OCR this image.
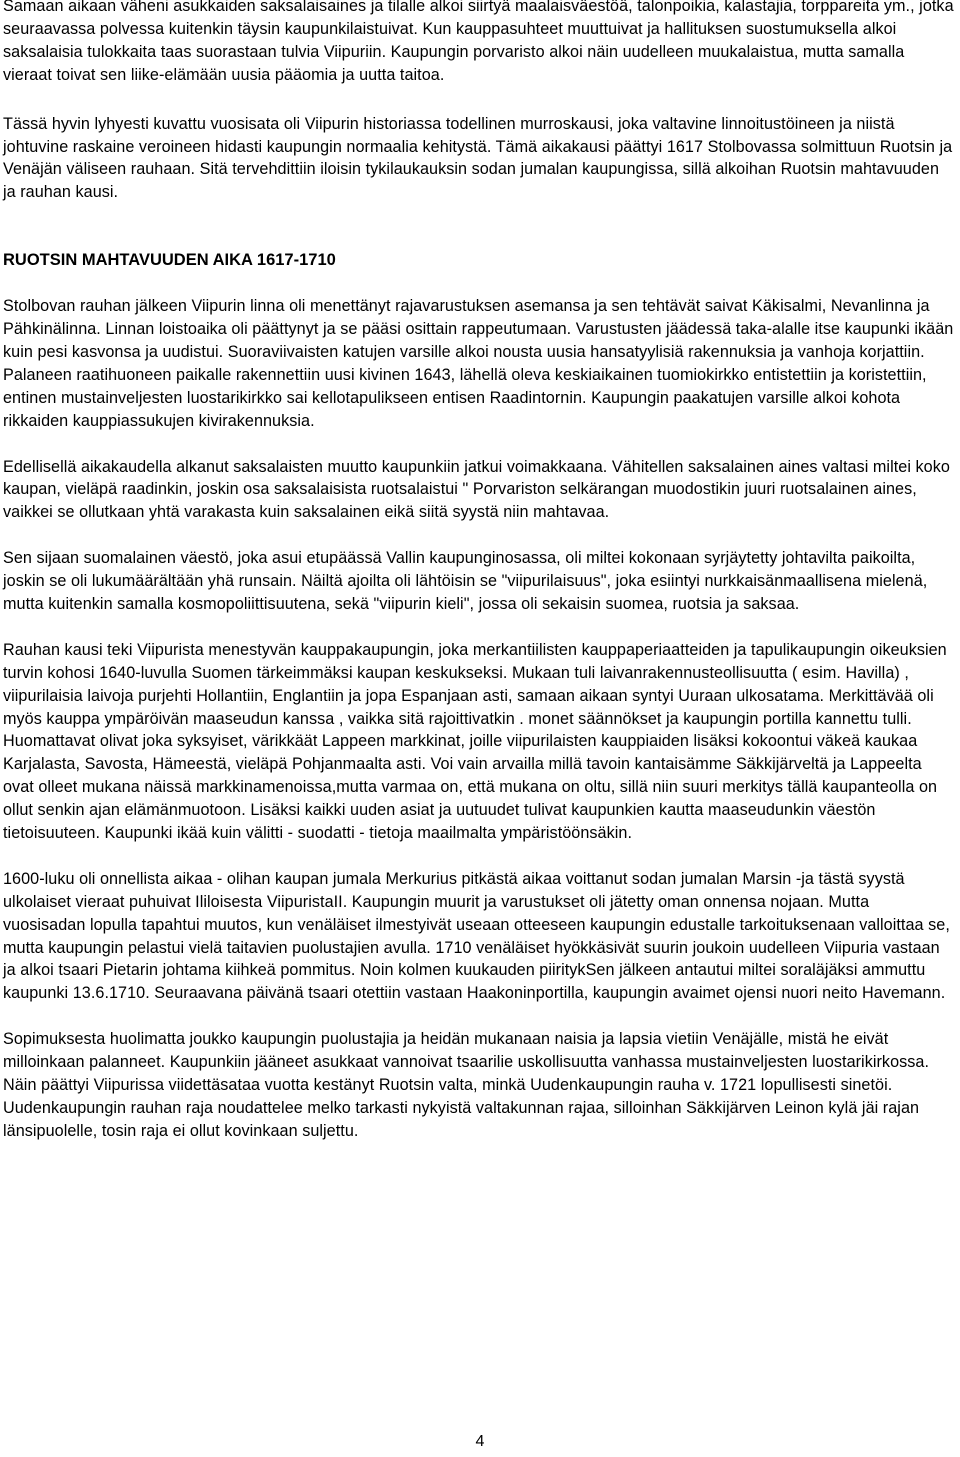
Samaan aikaan väheni asukkaiden saksalaisaines ja tilalle alkoi siirtyä maalaisväestöä, talonpoikia, kalastajia, torppareita ym., jotka seuraavassa polvessa kuitenkin täysin kaupunkilaistuivat. Kun kauppasuhteet muuttuivat ja hallituksen suostumuksella alkoi saksalaisia tulokkaita taas suorastaan tulvia Viipuriin. Kaupungin porvaristo alkoi näin uudelleen muukalaistua, mutta samalla vieraat toivat sen liike-elämään uusia pääomia ja uutta taitoa.

Tässä hyvin lyhyesti kuvattu vuosisata oli Viipurin historiassa todellinen murroskausi, joka valtavine linnoitustöineen ja niistä johtuvine raskaine veroineen hidasti kaupungin normaalia kehitystä. Tämä aikakausi päättyi 1617 Stolbovassa solmittuun Ruotsin ja Venäjän väliseen rauhaan. Sitä tervehdittiin iloisin tykilaukauksin sodan jumalan kaupungissa, sillä alkoihan Ruotsin mahtavuuden ja rauhan kausi.

RUOTSIN MAHTAVUUDEN AIKA 1617-1710

Stolbovan rauhan jälkeen Viipurin linna oli menettänyt rajavarustuksen asemansa ja sen tehtävät saivat Käkisalmi, Nevanlinna ja Pähkinälinna. Linnan loistoaika oli päättynyt ja se pääsi osittain rappeutumaan. Varustusten jäädessä taka-alalle itse kaupunki ikään kuin pesi kasvonsa ja uudistui. Suoraviivaisten katujen varsille alkoi nousta uusia hansatyylisiä rakennuksia ja vanhoja korjattiin. Palaneen raatihuoneen paikalle rakennettiin uusi kivinen 1643, lähellä oleva keskiaikainen tuomiokirkko entistettiin ja koristettiin, entinen mustainveljesten luostarikirkko sai kellotapulikseen entisen Raadintornin. Kaupungin paakatujen varsille alkoi kohota rikkaiden kauppiassukujen kivirakennuksia.

Edellisellä aikakaudella alkanut saksalaisten muutto kaupunkiin jatkui voimakkaana. Vähitellen saksalainen aines valtasi miltei koko kaupan, vieläpä raadinkin, joskin osa saksalaisista ruotsalaistui " Porvariston selkärangan muodostikin juuri ruotsalainen aines, vaikkei se ollutkaan yhtä varakasta kuin saksalainen eikä siitä syystä niin mahtavaa.

Sen sijaan suomalainen väestö, joka asui etupäässä Vallin kaupunginosassa, oli miltei kokonaan syrjäytetty johtavilta paikoilta, joskin se oli lukumäärältään yhä runsain. Näiltä ajoilta oli lähtöisin se "viipurilaisuus", joka esiintyi nurkkaisänmaallisena mielenä, mutta kuitenkin samalla kosmopoliittisuutena, sekä "viipurin kieli", jossa oli sekaisin suomea, ruotsia ja saksaa.

Rauhan kausi teki Viipurista menestyvän kauppakaupungin, joka merkantiilisten kauppaperiaatteiden ja tapulikaupungin oikeuksien turvin kohosi 1640-luvulla Suomen tärkeimmäksi kaupan keskukseksi. Mukaan tuli laivanrakennusteollisuutta ( esim. Havilla) , viipurilaisia laivoja purjehti Hollantiin, Englantiin ja jopa Espanjaan asti, samaan aikaan syntyi Uuraan ulkosatama. Merkittävää oli myös kauppa ympäröivän maaseudun kanssa , vaikka sitä rajoittivatkin . monet säännökset ja kaupungin portilla kannettu tulli. Huomattavat olivat joka syksyiset, värikkäät Lappeen markkinat, joille viipurilaisten kauppiaiden lisäksi kokoontui väkeä kaukaa Karjalasta, Savosta, Hämeestä, vieläpä Pohjanmaalta asti. Voi vain arvailla millä tavoin kantaisämme Säkkijärveltä ja Lappeelta ovat olleet mukana näissä markkinamenoissa,mutta varmaa on, että mukana on oltu, sillä niin suuri merkitys tällä kaupanteolla on ollut senkin ajan elämänmuotoon. Lisäksi kaikki uuden asiat ja uutuudet tulivat kaupunkien kautta maaseudunkin väestön tietoisuuteen. Kaupunki ikää kuin välitti - suodatti - tietoja maailmalta ympäristöönsäkin.

1600-luku oli onnellista aikaa - olihan kaupan jumala Merkurius pitkästä aikaa voittanut sodan jumalan Marsin -ja tästä syystä ulkolaiset vieraat puhuivat Ililoisesta ViipuristaII. Kaupungin muurit ja varustukset oli jätetty oman onnensa nojaan. Mutta vuosisadan lopulla tapahtui muutos, kun venäläiset ilmestyivät useaan otteeseen kaupungin edustalle tarkoituksenaan valloittaa se, mutta kaupungin pelastui vielä taitavien puolustajien avulla. 1710 venäläiset hyökkäsivät suurin joukoin uudelleen Viipuria vastaan ja alkoi tsaari Pietarin johtama kiihkeä pommitus. Noin kolmen kuukauden piiritykSen jälkeen antautui miltei soraläjäksi ammuttu kaupunki 13.6.1710. Seuraavana päivänä tsaari otettiin vastaan Haakoninportilla, kaupungin avaimet ojensi nuori neito Havemann.

Sopimuksesta huolimatta joukko kaupungin puolustajia ja heidän mukanaan naisia ja lapsia vietiin Venäjälle, mistä he eivät milloinkaan palanneet. Kaupunkiin jääneet asukkaat vannoivat tsaarilie uskollisuutta vanhassa mustainveljesten luostarikirkossa. Näin päättyi Viipurissa viidettäsataa vuotta kestänyt Ruotsin valta, minkä Uudenkaupungin rauha v. 1721 lopullisesti sinetöi. Uudenkaupungin rauhan raja noudattelee melko tarkasti nykyistä valtakunnan rajaa, silloinhan Säkkijärven Leinon kylä jäi rajan länsipuolelle, tosin raja ei ollut kovinkaan suljettu.

4
